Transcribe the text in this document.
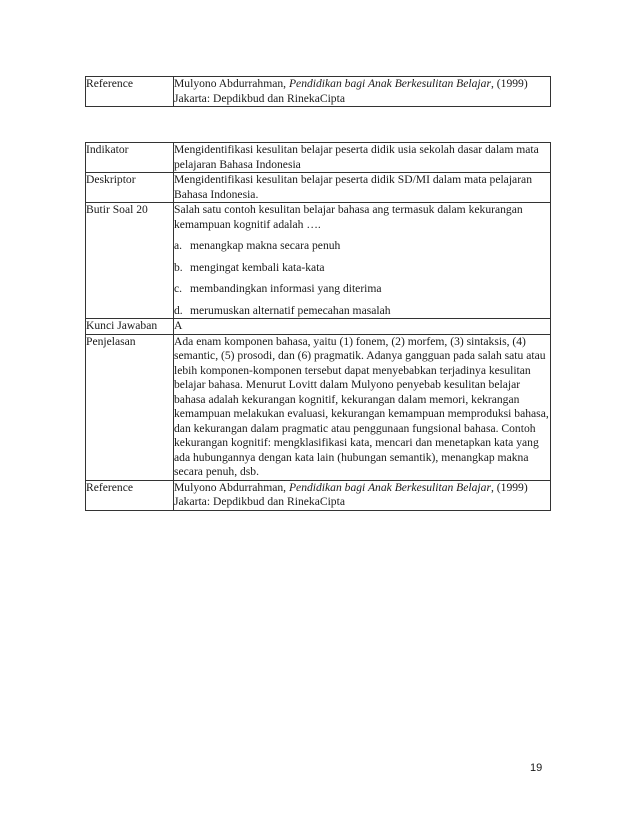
Reference	Mulyono Abdurrahman, Pendidikan bagi Anak Berkesulitan Belajar, (1999) Jakarta: Depdikbud dan RinekaCipta

Indikator	Mengidentifikasi kesulitan belajar peserta didik usia sekolah dasar dalam mata pelajaran Bahasa Indonesia
Deskriptor	Mengidentifikasi kesulitan belajar peserta didik SD/MI dalam mata pelajaran Bahasa Indonesia.
Butir Soal 20	Salah satu contoh kesulitan belajar bahasa ang termasuk dalam kekurangan kemampuan kognitif adalah ….

a. menangkap makna secara penuh
b. mengingat kembali kata-kata
c. membandingkan informasi yang diterima
d. merumuskan alternatif pemecahan masalah

Kunci Jawaban	A
Penjelasan	Ada enam komponen bahasa, yaitu (1) fonem, (2) morfem, (3) sintaksis, (4) semantic, (5) prosodi, dan (6) pragmatik. Adanya gangguan pada salah satu atau lebih komponen-komponen tersebut dapat menyebabkan terjadinya kesulitan belajar bahasa. Menurut Lovitt dalam Mulyono penyebab kesulitan belajar bahasa adalah kekurangan kognitif, kekurangan dalam memori, kekrangan kemampuan melakukan evaluasi, kekurangan kemampuan memproduksi bahasa, dan kekurangan dalam pragmatic atau penggunaan fungsional bahasa. Contoh kekurangan kognitif: mengklasifikasi kata, mencari dan menetapkan kata yang ada hubungannya dengan kata lain (hubungan semantik), menangkap makna secara penuh, dsb.
Reference	Mulyono Abdurrahman, Pendidikan bagi Anak Berkesulitan Belajar, (1999) Jakarta: Depdikbud dan RinekaCipta

19
